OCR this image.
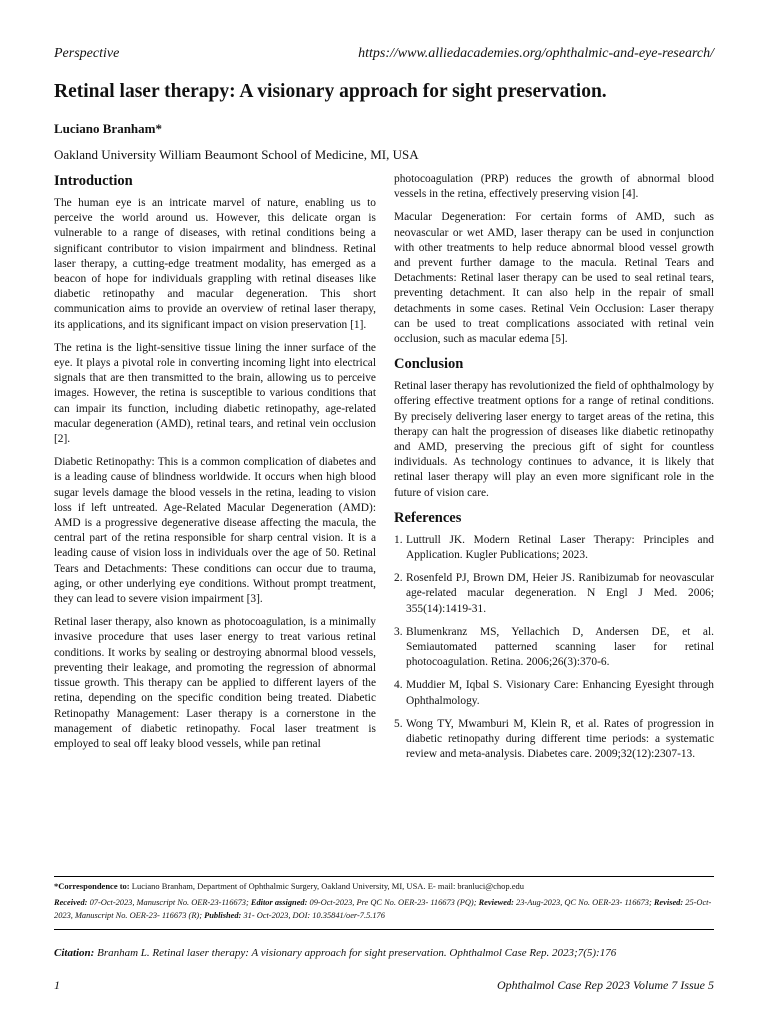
Perspective	https://www.alliedacademies.org/ophthalmic-and-eye-research/
Retinal laser therapy: A visionary approach for sight preservation.
Luciano Branham*
Oakland University William Beaumont School of Medicine, MI, USA
Introduction

The human eye is an intricate marvel of nature, enabling us to perceive the world around us. However, this delicate organ is vulnerable to a range of diseases, with retinal conditions being a significant contributor to vision impairment and blindness. Retinal laser therapy, a cutting-edge treatment modality, has emerged as a beacon of hope for individuals grappling with retinal diseases like diabetic retinopathy and macular degeneration. This short communication aims to provide an overview of retinal laser therapy, its applications, and its significant impact on vision preservation [1].

The retina is the light-sensitive tissue lining the inner surface of the eye. It plays a pivotal role in converting incoming light into electrical signals that are then transmitted to the brain, allowing us to perceive images. However, the retina is susceptible to various conditions that can impair its function, including diabetic retinopathy, age-related macular degeneration (AMD), retinal tears, and retinal vein occlusion [2].

Diabetic Retinopathy: This is a common complication of diabetes and is a leading cause of blindness worldwide. It occurs when high blood sugar levels damage the blood vessels in the retina, leading to vision loss if left untreated. Age-Related Macular Degeneration (AMD): AMD is a progressive degenerative disease affecting the macula, the central part of the retina responsible for sharp central vision. It is a leading cause of vision loss in individuals over the age of 50. Retinal Tears and Detachments: These conditions can occur due to trauma, aging, or other underlying eye conditions. Without prompt treatment, they can lead to severe vision impairment [3].

Retinal laser therapy, also known as photocoagulation, is a minimally invasive procedure that uses laser energy to treat various retinal conditions. It works by sealing or destroying abnormal blood vessels, preventing their leakage, and promoting the regression of abnormal tissue growth. This therapy can be applied to different layers of the retina, depending on the specific condition being treated. Diabetic Retinopathy Management: Laser therapy is a cornerstone in the management of diabetic retinopathy. Focal laser treatment is employed to seal off leaky blood vessels, while pan retinal

photocoagulation (PRP) reduces the growth of abnormal blood vessels in the retina, effectively preserving vision [4].

Macular Degeneration: For certain forms of AMD, such as neovascular or wet AMD, laser therapy can be used in conjunction with other treatments to help reduce abnormal blood vessel growth and prevent further damage to the macula. Retinal Tears and Detachments: Retinal laser therapy can be used to seal retinal tears, preventing detachment. It can also help in the repair of small detachments in some cases. Retinal Vein Occlusion: Laser therapy can be used to treat complications associated with retinal vein occlusion, such as macular edema [5].

Conclusion

Retinal laser therapy has revolutionized the field of ophthalmology by offering effective treatment options for a range of retinal conditions. By precisely delivering laser energy to target areas of the retina, this therapy can halt the progression of diseases like diabetic retinopathy and AMD, preserving the precious gift of sight for countless individuals. As technology continues to advance, it is likely that retinal laser therapy will play an even more significant role in the future of vision care.

References
1. Luttrull JK. Modern Retinal Laser Therapy: Principles and Application. Kugler Publications; 2023.
2. Rosenfeld PJ, Brown DM, Heier JS. Ranibizumab for neovascular age-related macular degeneration. N Engl J Med. 2006; 355(14):1419-31.
3. Blumenkranz MS, Yellachich D, Andersen DE, et al. Semiautomated patterned scanning laser for retinal photocoagulation. Retina. 2006;26(3):370-6.
4. Muddier M, Iqbal S. Visionary Care: Enhancing Eyesight through Ophthalmology.
5. Wong TY, Mwamburi M, Klein R, et al. Rates of progression in diabetic retinopathy during different time periods: a systematic review and meta-analysis. Diabetes care. 2009;32(12):2307-13.
*Correspondence to: Luciano Branham, Department of Ophthalmic Surgery, Oakland University, MI, USA. E- mail: branluci@chop.edu
Received: 07-Oct-2023, Manuscript No. OER-23-116673; Editor assigned: 09-Oct-2023, Pre QC No. OER-23- 116673 (PQ); Reviewed: 23-Aug-2023, QC No. OER-23- 116673; Revised: 25-Oct-2023, Manuscript No. OER-23- 116673 (R); Published: 31- Oct-2023, DOI: 10.35841/oer-7.5.176
Citation: Branham L. Retinal laser therapy: A visionary approach for sight preservation. Ophthalmol Case Rep. 2023;7(5):176
1	Ophthalmol Case Rep 2023 Volume 7 Issue 5
